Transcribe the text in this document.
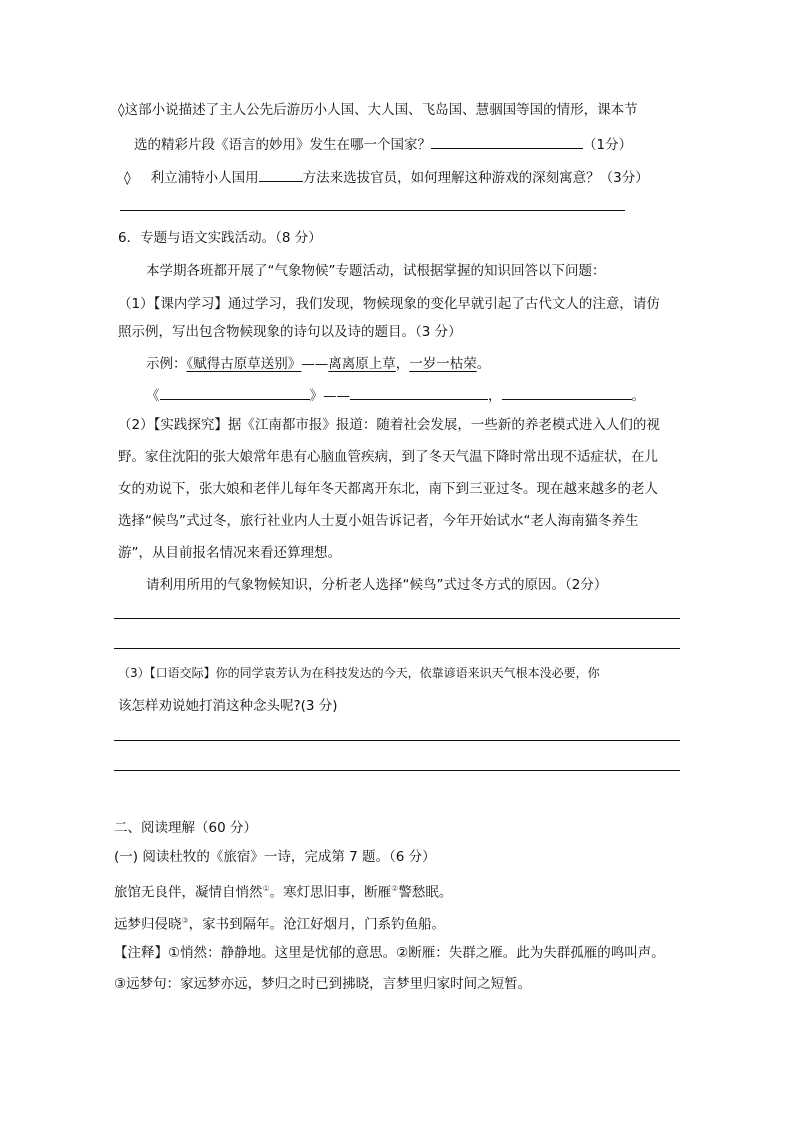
◊这部小说描述了主人公先后游历小人国、大人国、飞岛国、慧骃国等国的情形，课本节
选的精彩片段《语言的妙用》发生在哪一个国家？	（1分）
◊ 利立浦特小人国用	方法来选拔官员，如何理解这种游戏的深刻寓意？（3分）
6．专题与语文实践活动。（8 分）
本学期各班都开展了“气象物候”专题活动，试根据掌握的知识回答以下问题：
（1）【课内学习】通过学习，我们发现，物候现象的变化早就引起了古代文人的注意，请仿
照示例，写出包含物候现象的诗句以及诗的题目。（3 分）
示例：《赋得古原草送别》——离离原上草，一岁一枯荣。
《	》——	，	。
（2）【实践探究】据《江南都市报》报道：随着社会发展，一些新的养老模式进入人们的视
野。家住沈阳的张大娘常年患有心脑血管疾病，到了冬天气温下降时常出现不适症状，在儿
女的劝说下，张大娘和老伴儿每年冬天都离开东北，南下到三亚过冬。现在越来越多的老人
选择“候鸟”式过冬，旅行社业内人士夏小姐告诉记者，今年开始试水“老人海南猫冬养生
游”，从目前报名情况来看还算理想。
请利用所用的气象物候知识，分析老人选择“候鸟”式过冬方式的原因。（2分）
（3）【口语交际】你的同学袁芳认为在科技发达的今天，依靠谚语来识天气根本没必要，你
该怎样劝说她打消这种念头呢?(3 分)
二、阅读理解（60 分）
(一) 阅读杜牧的《旅宿》一诗，完成第 7 题。（6 分）
旅馆无良伴，凝情自悄然①。寒灯思旧事，断雁②警愁眠。
远梦归侵晓③，家书到隔年。沧江好烟月，门系钓鱼船。
【注释】①悄然：静静地。这里是忧郁的意思。②断雁：失群之雁。此为失群孤雁的鸣叫声。
③远梦句：家远梦亦远，梦归之时已到拂晓，言梦里归家时间之短暂。
